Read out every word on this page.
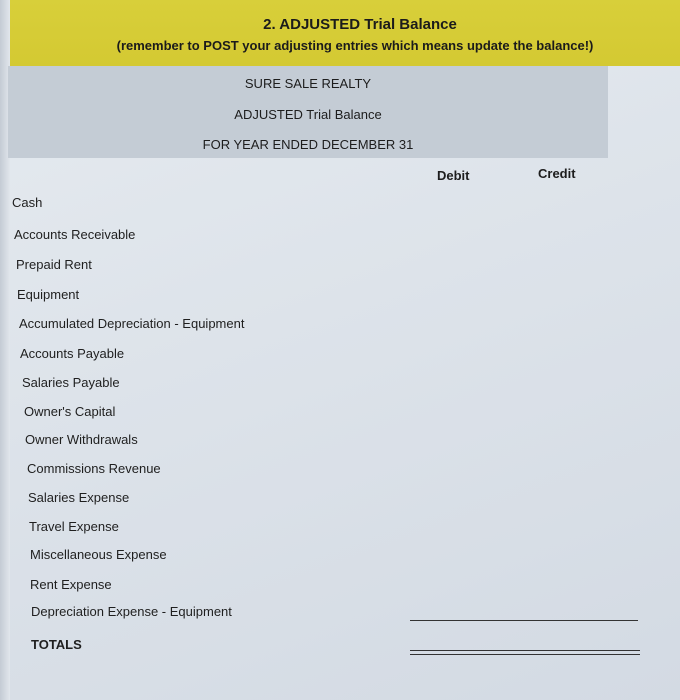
2. ADJUSTED Trial Balance
(remember to POST your adjusting entries which means update the balance!)
SURE SALE REALTY
ADJUSTED Trial Balance
FOR YEAR ENDED DECEMBER 31
Debit	Credit
Cash
Accounts Receivable
Prepaid Rent
Equipment
Accumulated Depreciation - Equipment
Accounts Payable
Salaries Payable
Owner's Capital
Owner Withdrawals
Commissions Revenue
Salaries Expense
Travel Expense
Miscellaneous Expense
Rent Expense
Depreciation Expense - Equipment
TOTALS
